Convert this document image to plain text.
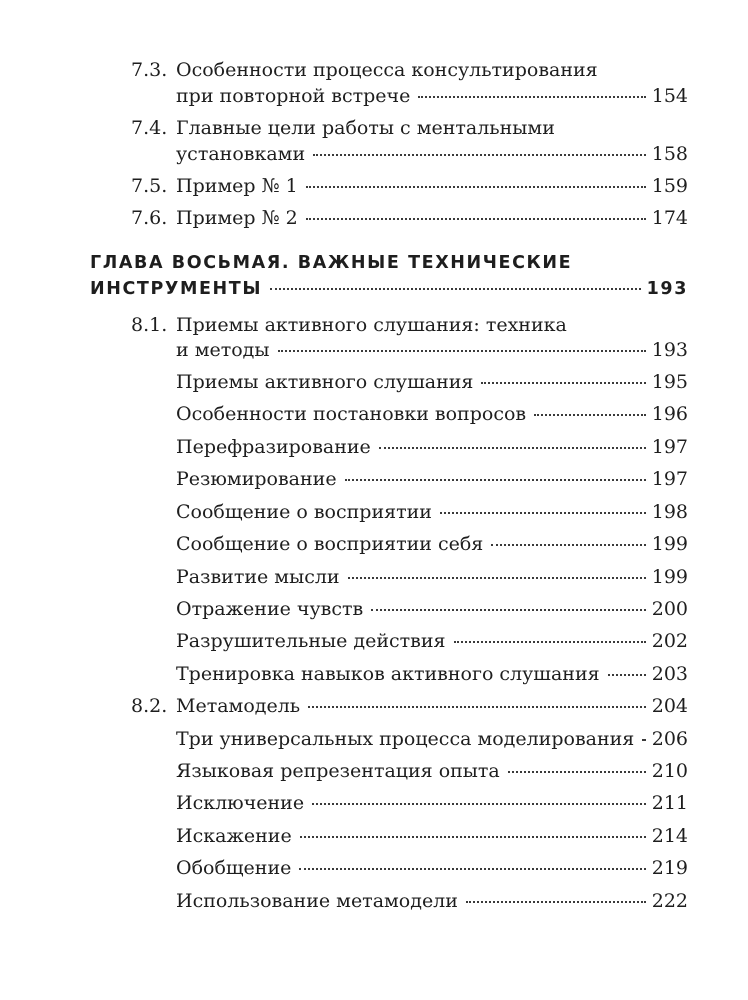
7.3. Особенности процесса консультирования
при повторной встрече	154
7.4. Главные цели работы с ментальными
установками	158
7.5. Пример № 1	159
7.6. Пример № 2	174
ГЛАВА ВОСЬМАЯ. ВАЖНЫЕ ТЕХНИЧЕСКИЕ
ИНСТРУМЕНТЫ	193
8.1. Приемы активного слушания: техника
и методы	193
Приемы активного слушания	195
Особенности постановки вопросов	196
Перефразирование	197
Резюмирование	197
Сообщение о восприятии	198
Сообщение о восприятии себя	199
Развитие мысли	199
Отражение чувств	200
Разрушительные действия	202
Тренировка навыков активного слушания	203
8.2. Метамодель	204
Три универсальных процесса моделирования 206
Языковая репрезентация опыта	210
Исключение	211
Искажение	214
Обобщение	219
Использование метамодели	222
